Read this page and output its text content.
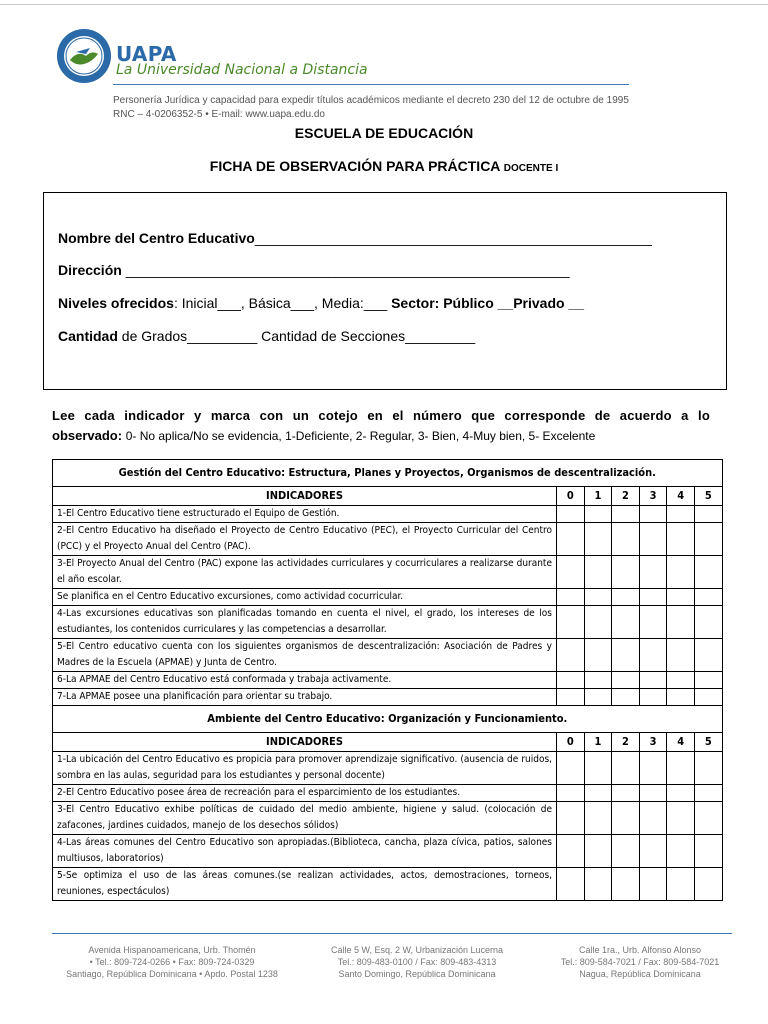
UAPA
La Universidad Nacional a Distancia
Personería Jurídica y capacidad para expedir títulos académicos mediante el decreto 230 del 12 de octubre de 1995
RNC – 4-0206352-5 • E-mail: www.uapa.edu.do
ESCUELA DE EDUCACIÓN
FICHA DE OBSERVACIÓN PARA PRÁCTICA DOCENTE I
Nombre del Centro Educativo___________________________________________________
Dirección _________________________________________________________
Niveles ofrecidos: Inicial___, Básica___, Media:___ Sector: Público __Privado __
Cantidad de Grados_________ Cantidad de Secciones_________
Lee cada indicador y marca con un cotejo en el número que corresponde de acuerdo a lo
observado: 0- No aplica/No se evidencia, 1-Deficiente, 2- Regular, 3- Bien, 4-Muy bien, 5- Excelente
Gestión del Centro Educativo: Estructura, Planes y Proyectos, Organismos de descentralización.						
INDICADORES	0	1	2	3	4	5
1-El Centro Educativo tiene estructurado el Equipo de Gestión.						
2-El Centro Educativo ha diseñado el Proyecto de Centro Educativo (PEC), el Proyecto Curricular del Centro (PCC) y el Proyecto Anual del Centro (PAC).						
3-El Proyecto Anual del Centro (PAC) expone las actividades curriculares y cocurriculares a realizarse durante el año escolar.						
Se planifica en el Centro Educativo excursiones, como actividad cocurricular.						
4-Las excursiones educativas son planificadas tomando en cuenta el nivel, el grado, los intereses de los estudiantes, los contenidos curriculares y las competencias a desarrollar.						
5-El Centro educativo cuenta con los siguientes organismos de descentralización: Asociación de Padres y Madres de la Escuela (APMAE) y Junta de Centro.						
6-La APMAE del Centro Educativo está conformada y trabaja activamente.						
7-La APMAE posee una planificación para orientar su trabajo.						
Ambiente del Centro Educativo: Organización y Funcionamiento.						
INDICADORES	0	1	2	3	4	5
1-La ubicación del Centro Educativo es propicia para promover aprendizaje significativo. (ausencia de ruidos, sombra en las aulas, seguridad para los estudiantes y personal docente)						
2-El Centro Educativo posee área de recreación para el esparcimiento de los estudiantes.						
3-El Centro Educativo exhibe políticas de cuidado del medio ambiente, higiene y salud. (colocación de zafacones, jardines cuidados, manejo de los desechos sólidos)						
4-Las áreas comunes del Centro Educativo son apropiadas.(Biblioteca, cancha, plaza cívica, patios, salones multiusos, laboratorios)						
5-Se optimiza el uso de las áreas comunes.(se realizan actividades, actos, demostraciones, torneos, reuniones, espectáculos)						
Avenida Hispanoamericana, Urb. Thomén
• Tel.: 809-724-0266 • Fax: 809-724-0329
Santiago, República Dominicana • Apdo. Postal 1238
Calle 5 W, Esq. 2 W, Urbanización Lucerna
Tel.: 809-483-0100 / Fax: 809-483-4313
Santo Domingo, República Dominicana
Calle 1ra., Urb. Alfonso Alonso
Tel.: 809-584-7021 / Fax: 809-584-7021
Nagua, República Dominicana
